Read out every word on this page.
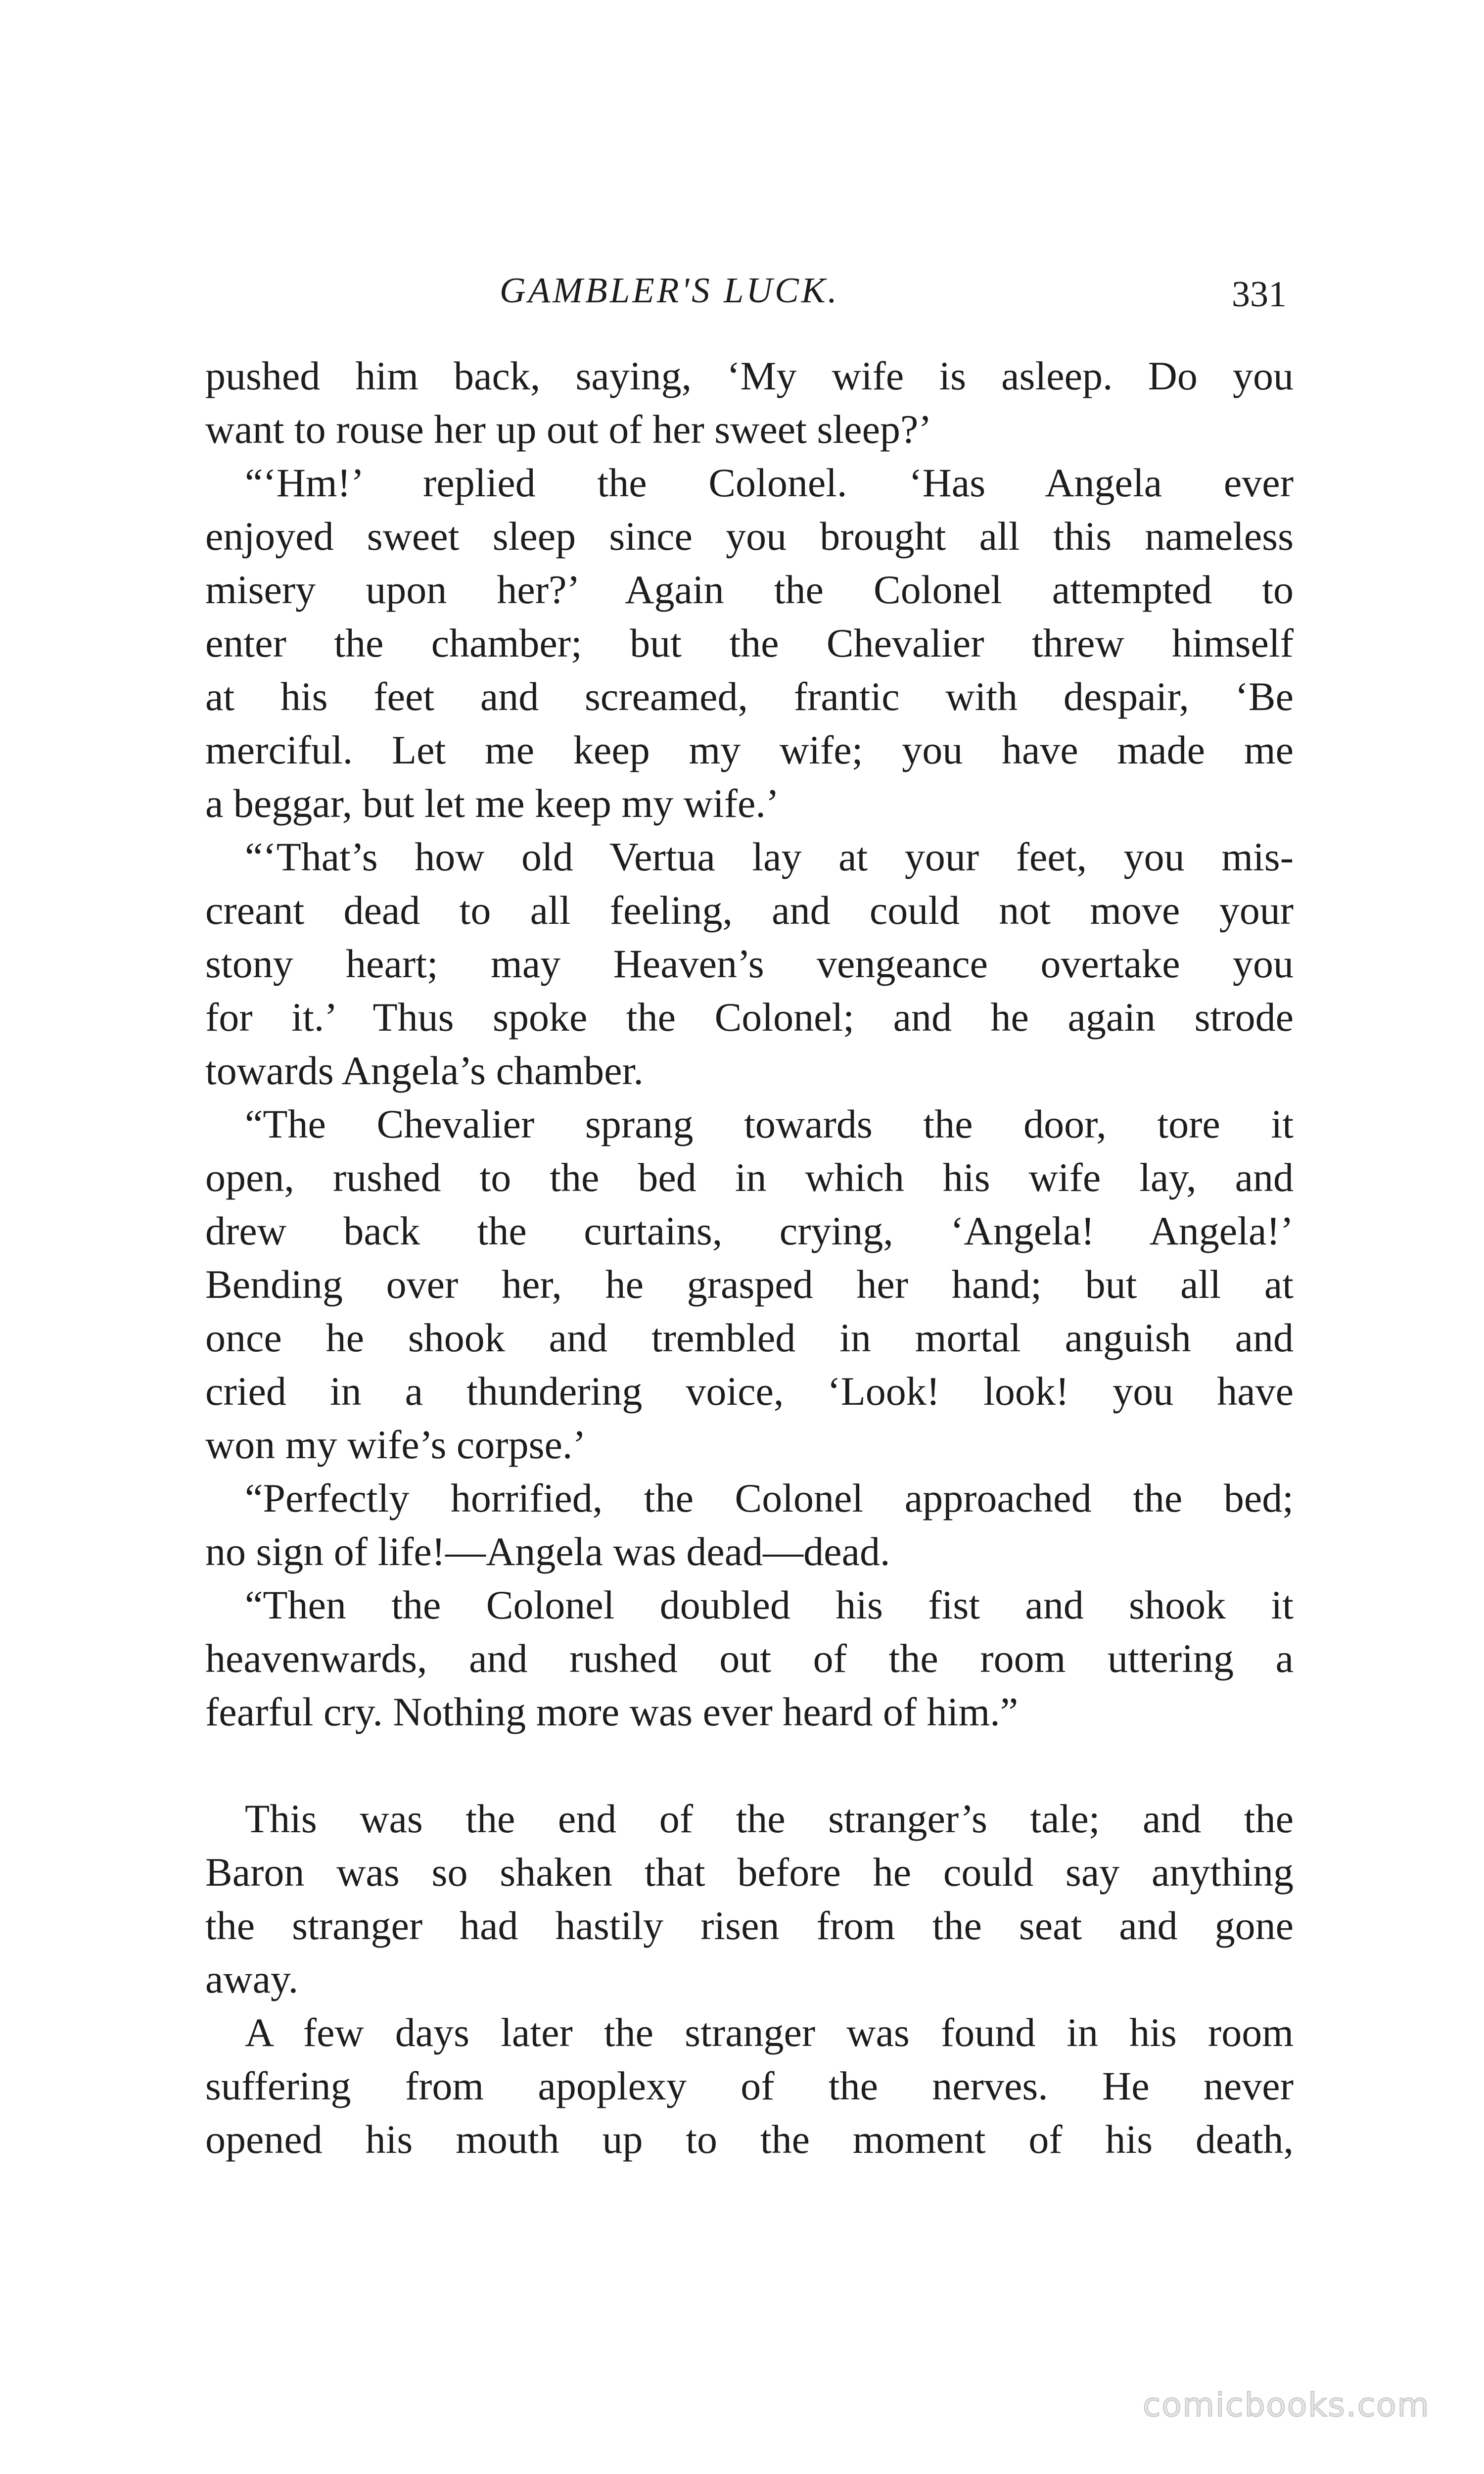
GAMBLER'S LUCK.	331
pushed him back, saying, ‘My wife is asleep. Do you
want to rouse her up out of her sweet sleep?’
“‘Hm!’ replied the Colonel. ‘Has Angela ever
enjoyed sweet sleep since you brought all this nameless
misery upon her?’ Again the Colonel attempted to
enter the chamber; but the Chevalier threw himself
at his feet and screamed, frantic with despair, ‘Be
merciful. Let me keep my wife; you have made me
a beggar, but let me keep my wife.’
“‘That’s how old Vertua lay at your feet, you mis-
creant dead to all feeling, and could not move your
stony heart; may Heaven’s vengeance overtake you
for it.’ Thus spoke the Colonel; and he again strode
towards Angela’s chamber.
“The Chevalier sprang towards the door, tore it
open, rushed to the bed in which his wife lay, and
drew back the curtains, crying, ‘Angela! Angela!’
Bending over her, he grasped her hand; but all at
once he shook and trembled in mortal anguish and
cried in a thundering voice, ‘Look! look! you have
won my wife’s corpse.’
“Perfectly horrified, the Colonel approached the bed;
no sign of life!—Angela was dead—dead.
“Then the Colonel doubled his fist and shook it
heavenwards, and rushed out of the room uttering a
fearful cry. Nothing more was ever heard of him.”
This was the end of the stranger’s tale; and the
Baron was so shaken that before he could say anything
the stranger had hastily risen from the seat and gone
away.
A few days later the stranger was found in his room
suffering from apoplexy of the nerves. He never
opened his mouth up to the moment of his death,
comicbooks.com
